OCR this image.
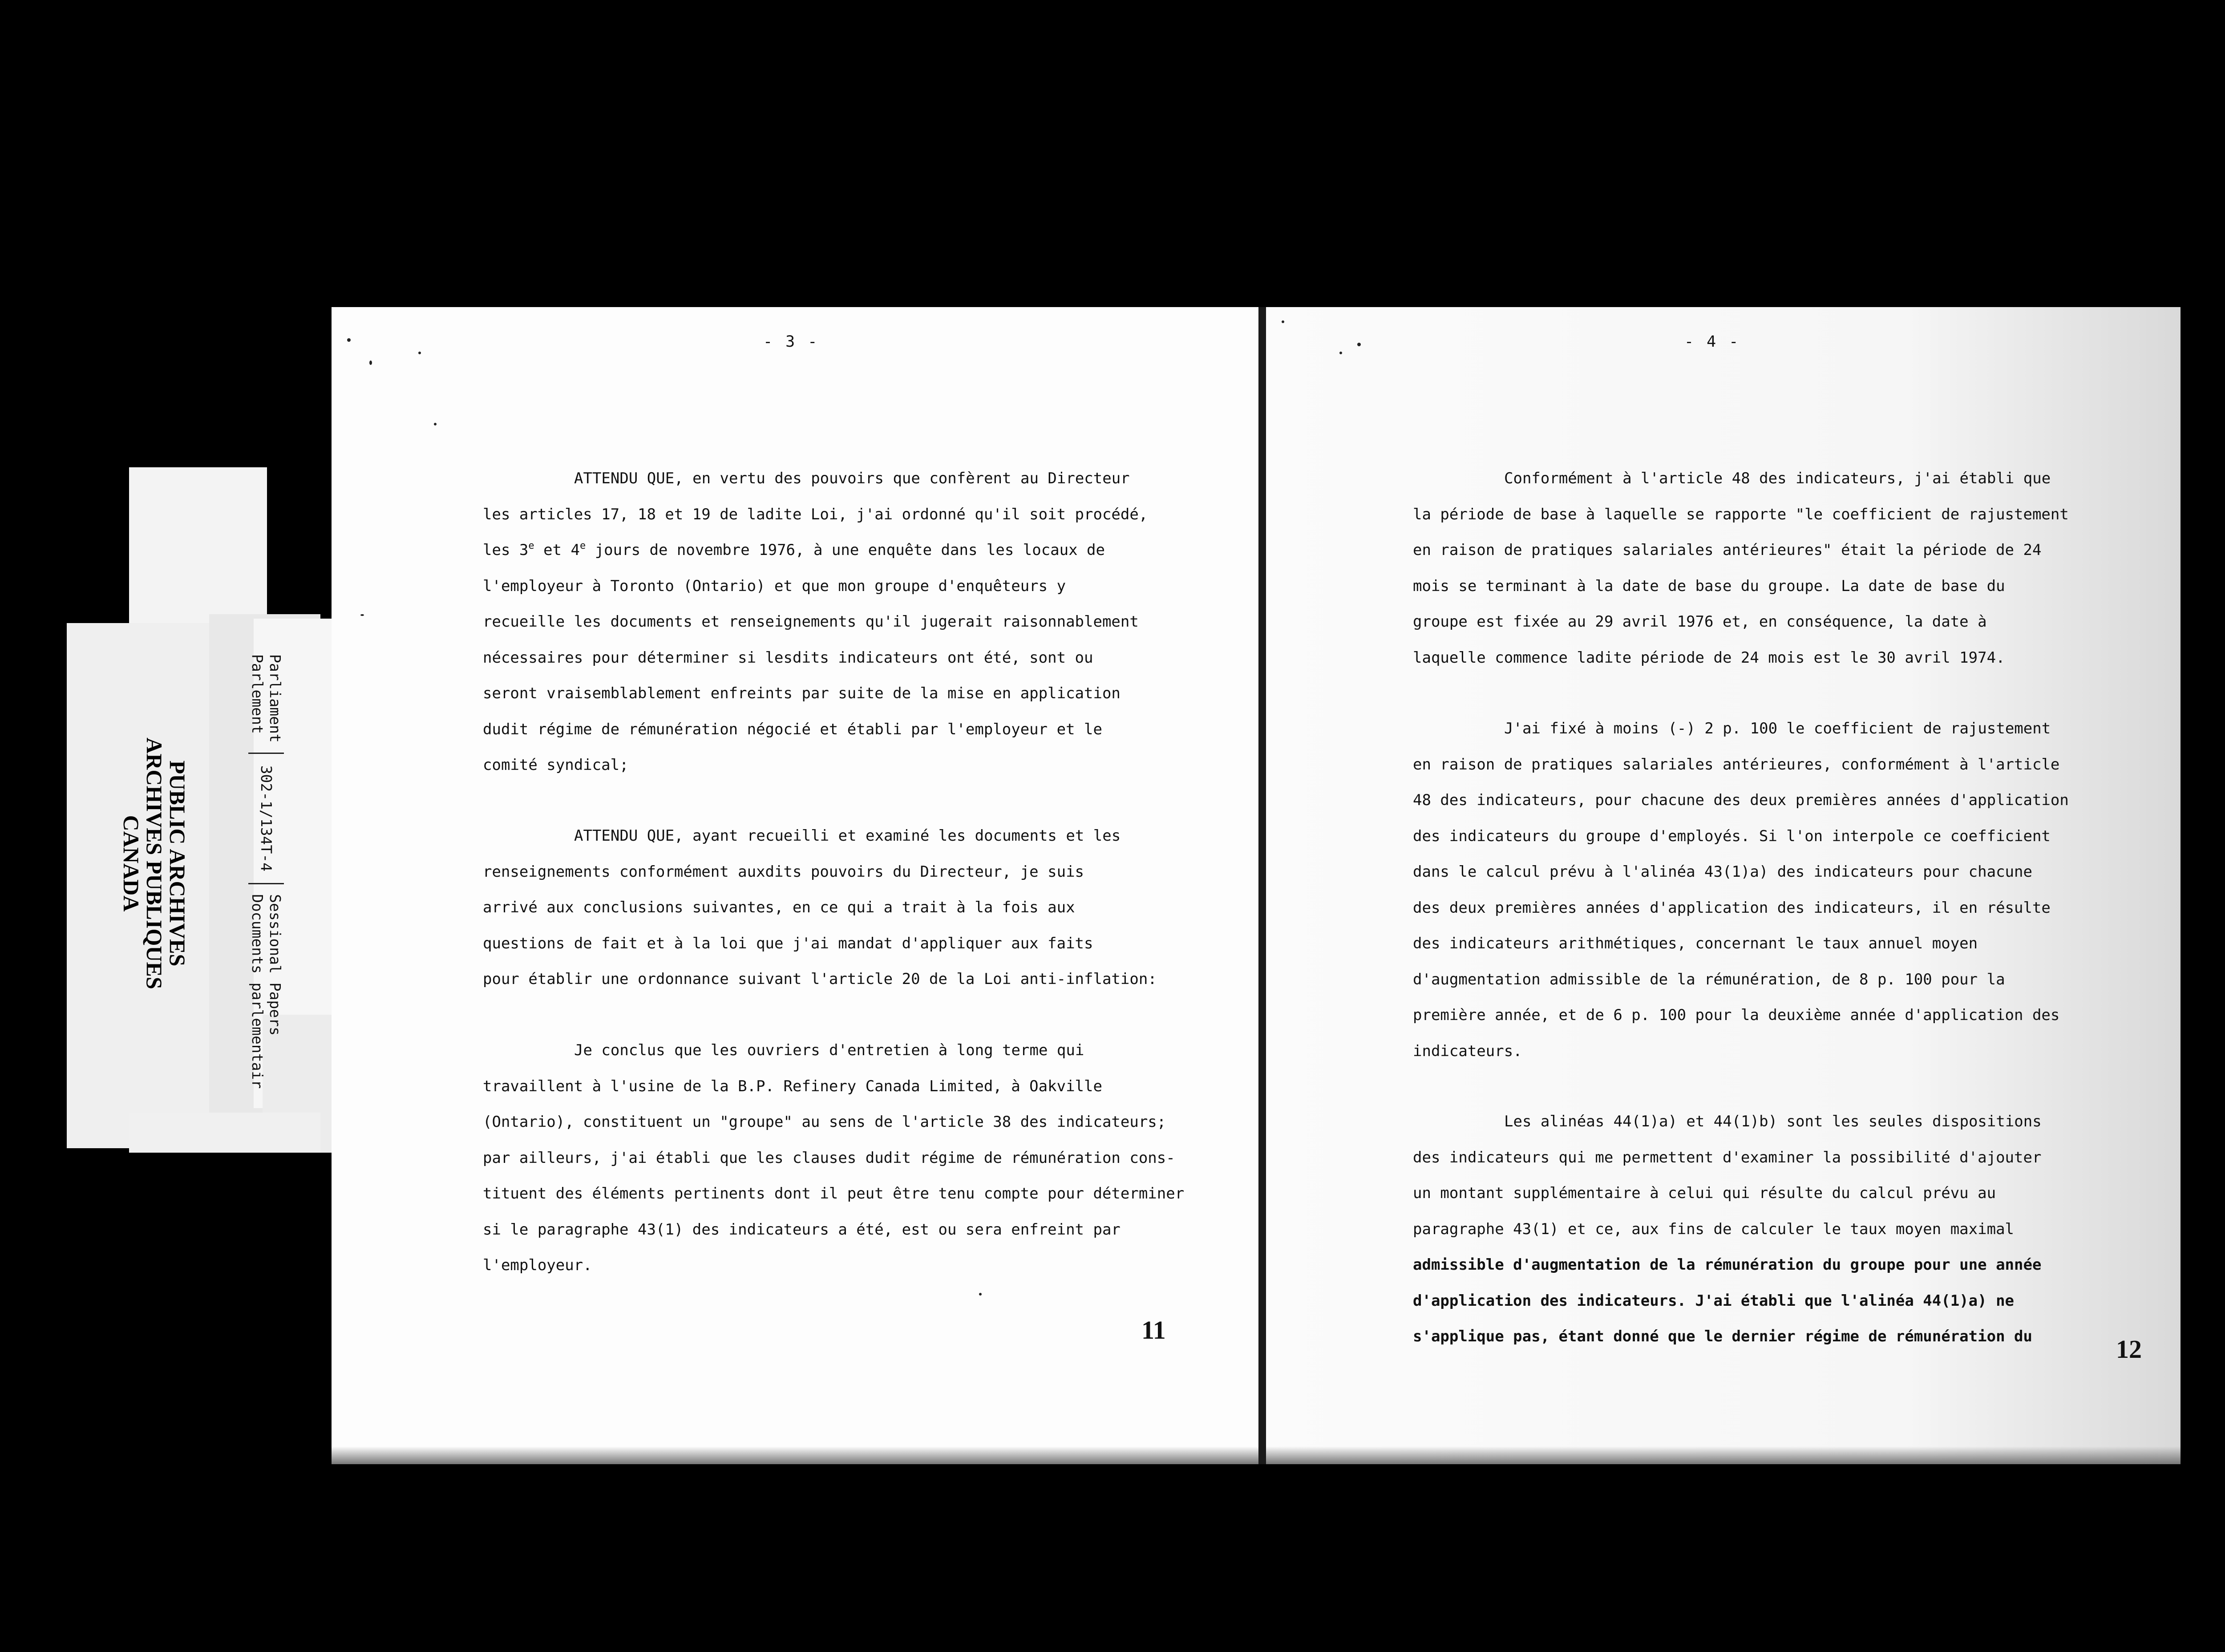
PUBLIC ARCHIVES
ARCHIVES PUBLIQUES
CANADA
Parliament
Parlement
302-1/134T-4
Sessional Papers
Documents parlementair
- 3 -
ATTENDU QUE, en vertu des pouvoirs que confèrent au Directeur
les articles 17, 18 et 19 de ladite Loi, j'ai ordonné qu'il soit procédé,
les 3e et 4e jours de novembre 1976, à une enquête dans les locaux de
l'employeur à Toronto (Ontario) et que mon groupe d'enquêteurs y
recueille les documents et renseignements qu'il jugerait raisonnablement
nécessaires pour déterminer si lesdits indicateurs ont été, sont ou
seront vraisemblablement enfreints par suite de la mise en application
dudit régime de rémunération négocié et établi par l'employeur et le
comité syndical;
ATTENDU QUE, ayant recueilli et examiné les documents et les
renseignements conformément auxdits pouvoirs du Directeur, je suis
arrivé aux conclusions suivantes, en ce qui a trait à la fois aux
questions de fait et à la loi que j'ai mandat d'appliquer aux faits
pour établir une ordonnance suivant l'article 20 de la Loi anti-inflation:
Je conclus que les ouvriers d'entretien à long terme qui
travaillent à l'usine de la B.P. Refinery Canada Limited, à Oakville
(Ontario), constituent un "groupe" au sens de l'article 38 des indicateurs;
par ailleurs, j'ai établi que les clauses dudit régime de rémunération cons-
tituent des éléments pertinents dont il peut être tenu compte pour déterminer
si le paragraphe 43(1) des indicateurs a été, est ou sera enfreint par
l'employeur.
11
- 4 -
Conformément à l'article 48 des indicateurs, j'ai établi que
la période de base à laquelle se rapporte "le coefficient de rajustement
en raison de pratiques salariales antérieures" était la période de 24
mois se terminant à la date de base du groupe. La date de base du
groupe est fixée au 29 avril 1976 et, en conséquence, la date à
laquelle commence ladite période de 24 mois est le 30 avril 1974.
J'ai fixé à moins (-) 2 p. 100 le coefficient de rajustement
en raison de pratiques salariales antérieures, conformément à l'article
48 des indicateurs, pour chacune des deux premières années d'application
des indicateurs du groupe d'employés. Si l'on interpole ce coefficient
dans le calcul prévu à l'alinéa 43(1)a) des indicateurs pour chacune
des deux premières années d'application des indicateurs, il en résulte
des indicateurs arithmétiques, concernant le taux annuel moyen
d'augmentation admissible de la rémunération, de 8 p. 100 pour la
première année, et de 6 p. 100 pour la deuxième année d'application des
indicateurs.
Les alinéas 44(1)a) et 44(1)b) sont les seules dispositions
des indicateurs qui me permettent d'examiner la possibilité d'ajouter
un montant supplémentaire à celui qui résulte du calcul prévu au
paragraphe 43(1) et ce, aux fins de calculer le taux moyen maximal
admissible d'augmentation de la rémunération du groupe pour une année
d'application des indicateurs. J'ai établi que l'alinéa 44(1)a) ne
s'applique pas, étant donné que le dernier régime de rémunération du	12
